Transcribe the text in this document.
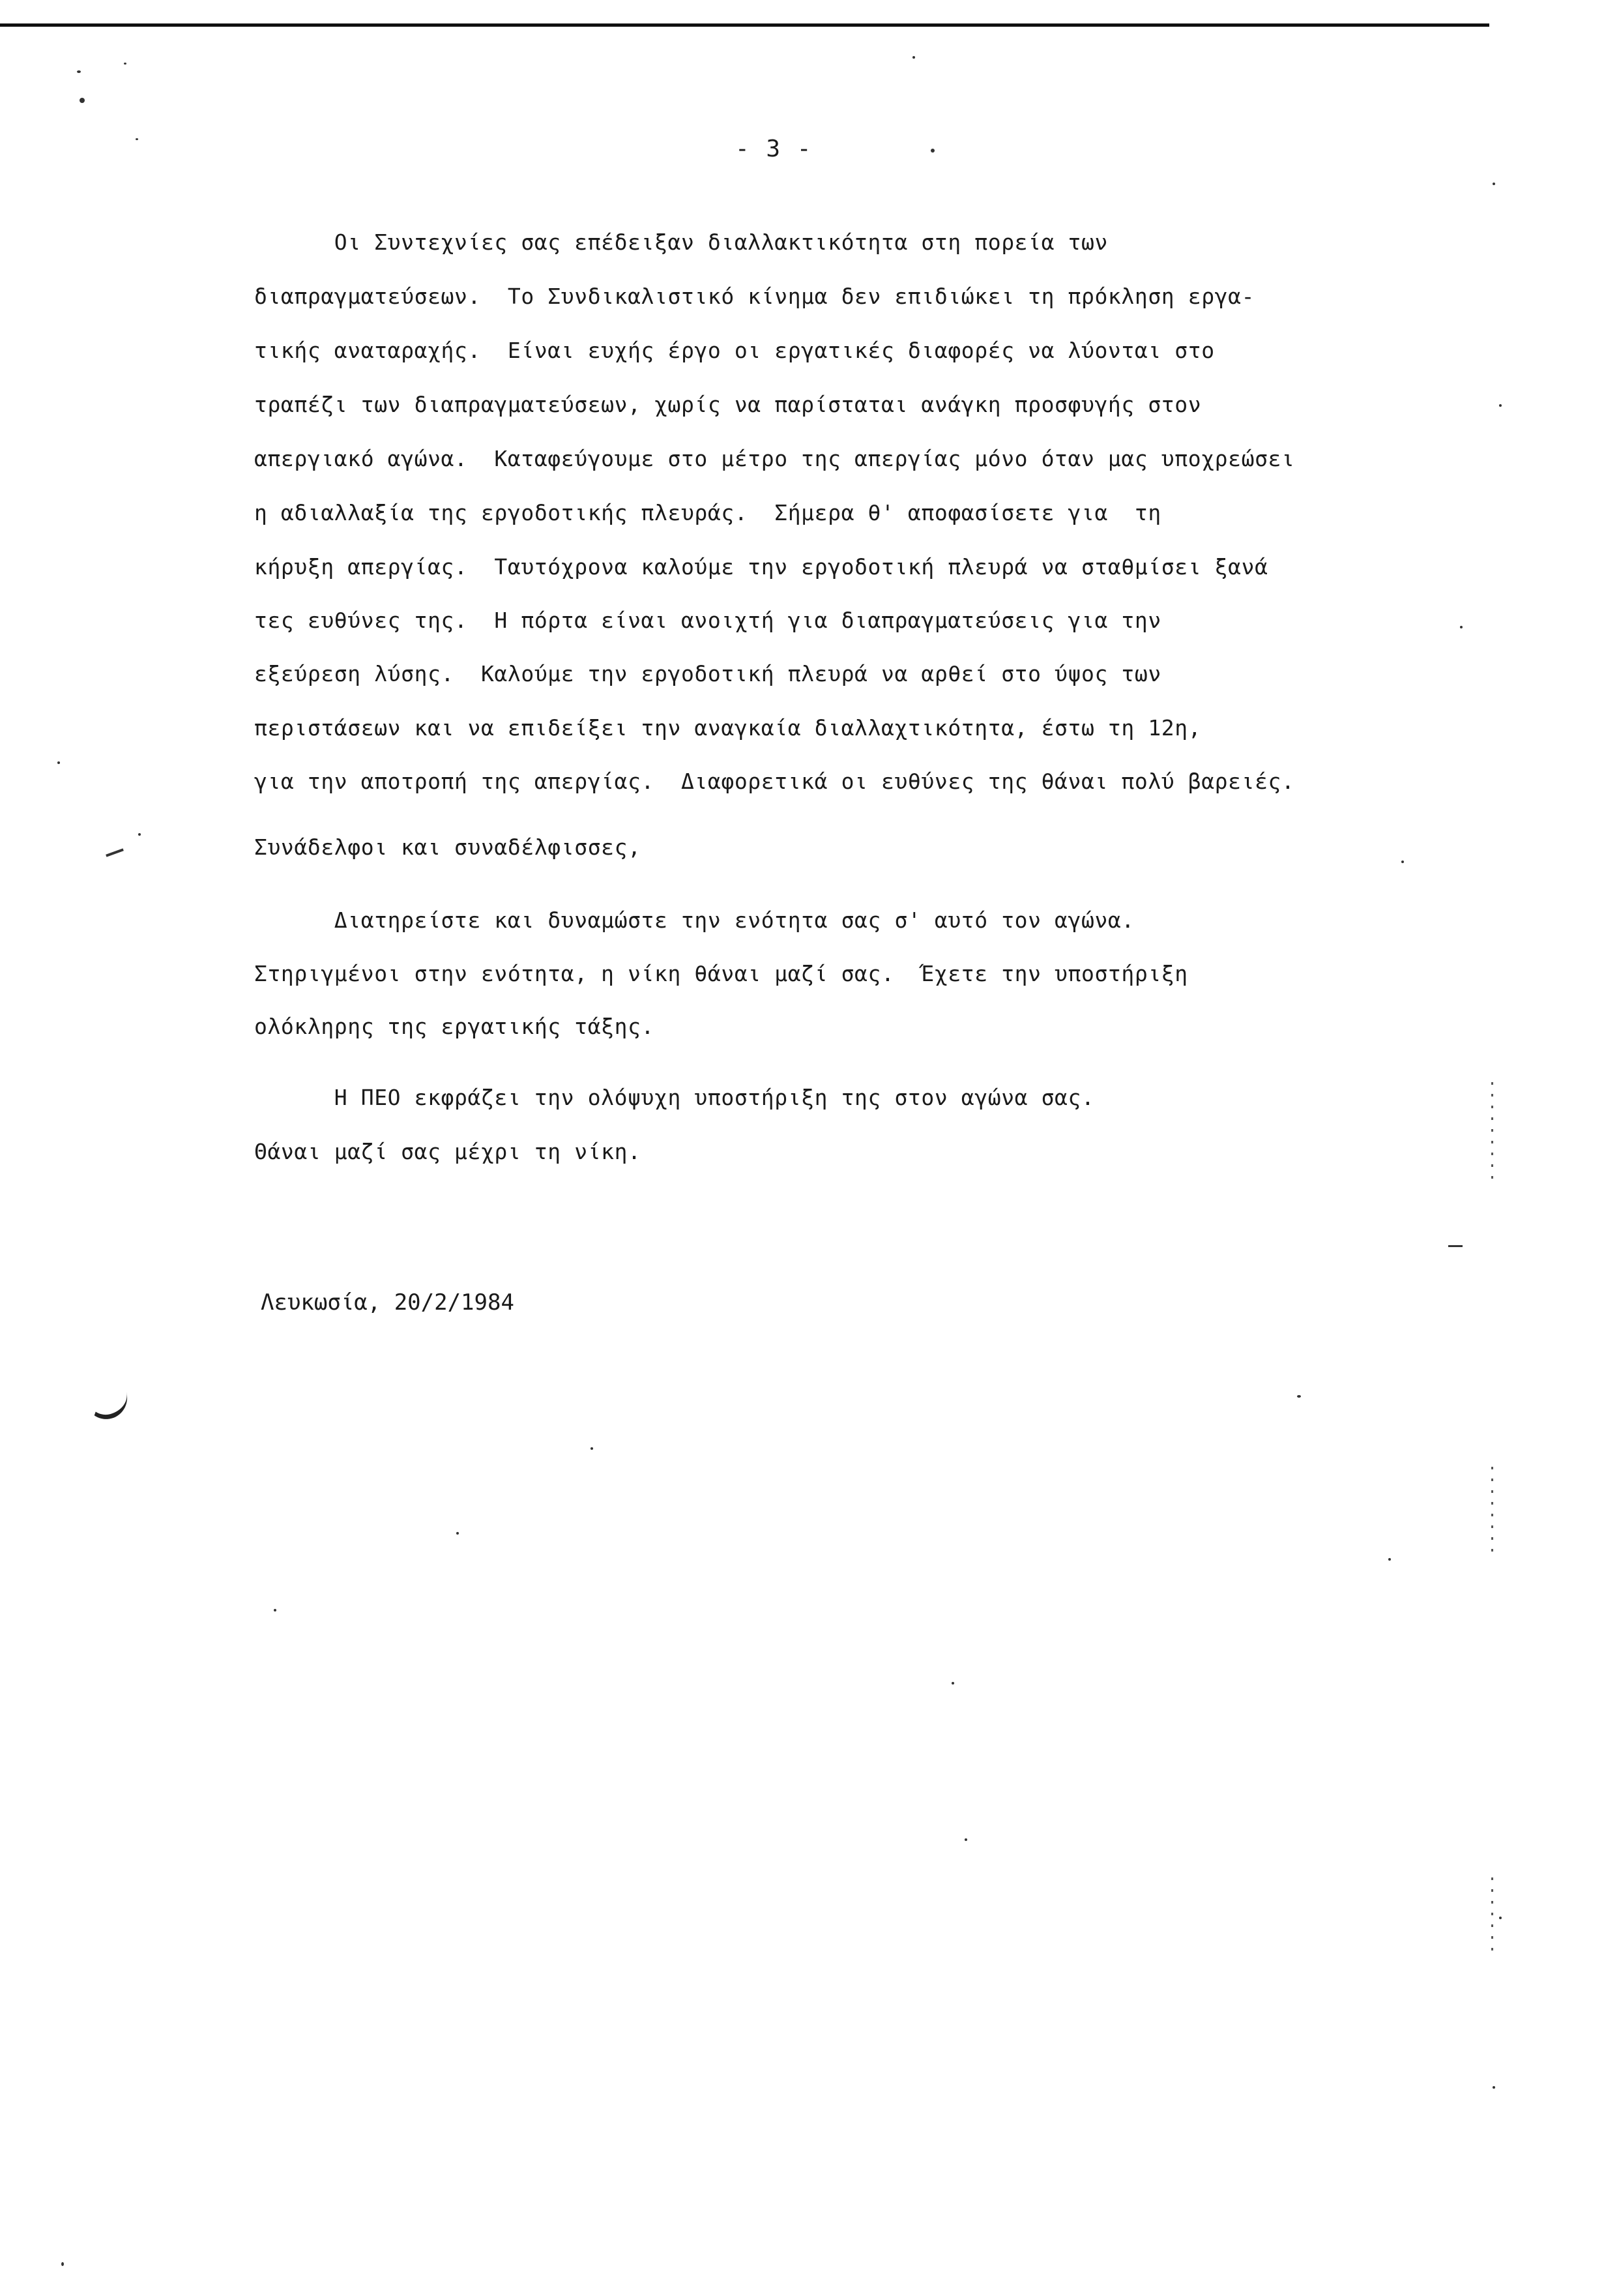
- 3 -
Οι Συντεχνίες σας επέδειξαν διαλλακτικότητα στη πορεία των
διαπραγματεύσεων.  Το Συνδικαλιστικό κίνημα δεν επιδιώκει τη πρόκληση εργα-
τικής αναταραχής.  Είναι ευχής έργο οι εργατικές διαφορές να λύονται στο
τραπέζι των διαπραγματεύσεων, χωρίς να παρίσταται ανάγκη προσφυγής στον
απεργιακό αγώνα.  Καταφεύγουμε στο μέτρο της απεργίας μόνο όταν μας υποχρεώσει
η αδιαλλαξία της εργοδοτικής πλευράς.  Σήμερα θ' αποφασίσετε για  τη
κήρυξη απεργίας.  Ταυτόχρονα καλούμε την εργοδοτική πλευρά να σταθμίσει ξανά
τες ευθύνες της.  Η πόρτα είναι ανοιχτή για διαπραγματεύσεις για την
εξεύρεση λύσης.  Καλούμε την εργοδοτική πλευρά να αρθεί στο ύψος των
περιστάσεων και να επιδείξει την αναγκαία διαλλαχτικότητα, έστω τη 12η,
για την αποτροπή της απεργίας.  Διαφορετικά οι ευθύνες της θάναι πολύ βαρειές.
Συνάδελφοι και συναδέλφισσες,
Διατηρείστε και δυναμώστε την ενότητα σας σ' αυτό τον αγώνα.
Στηριγμένοι στην ενότητα, η νίκη θάναι μαζί σας.  Έχετε την υποστήριξη
ολόκληρης της εργατικής τάξης.
Η ΠΕΟ εκφράζει την ολόψυχη υποστήριξη της στον αγώνα σας.
Θάναι μαζί σας μέχρι τη νίκη.
Λευκωσία, 20/2/1984
